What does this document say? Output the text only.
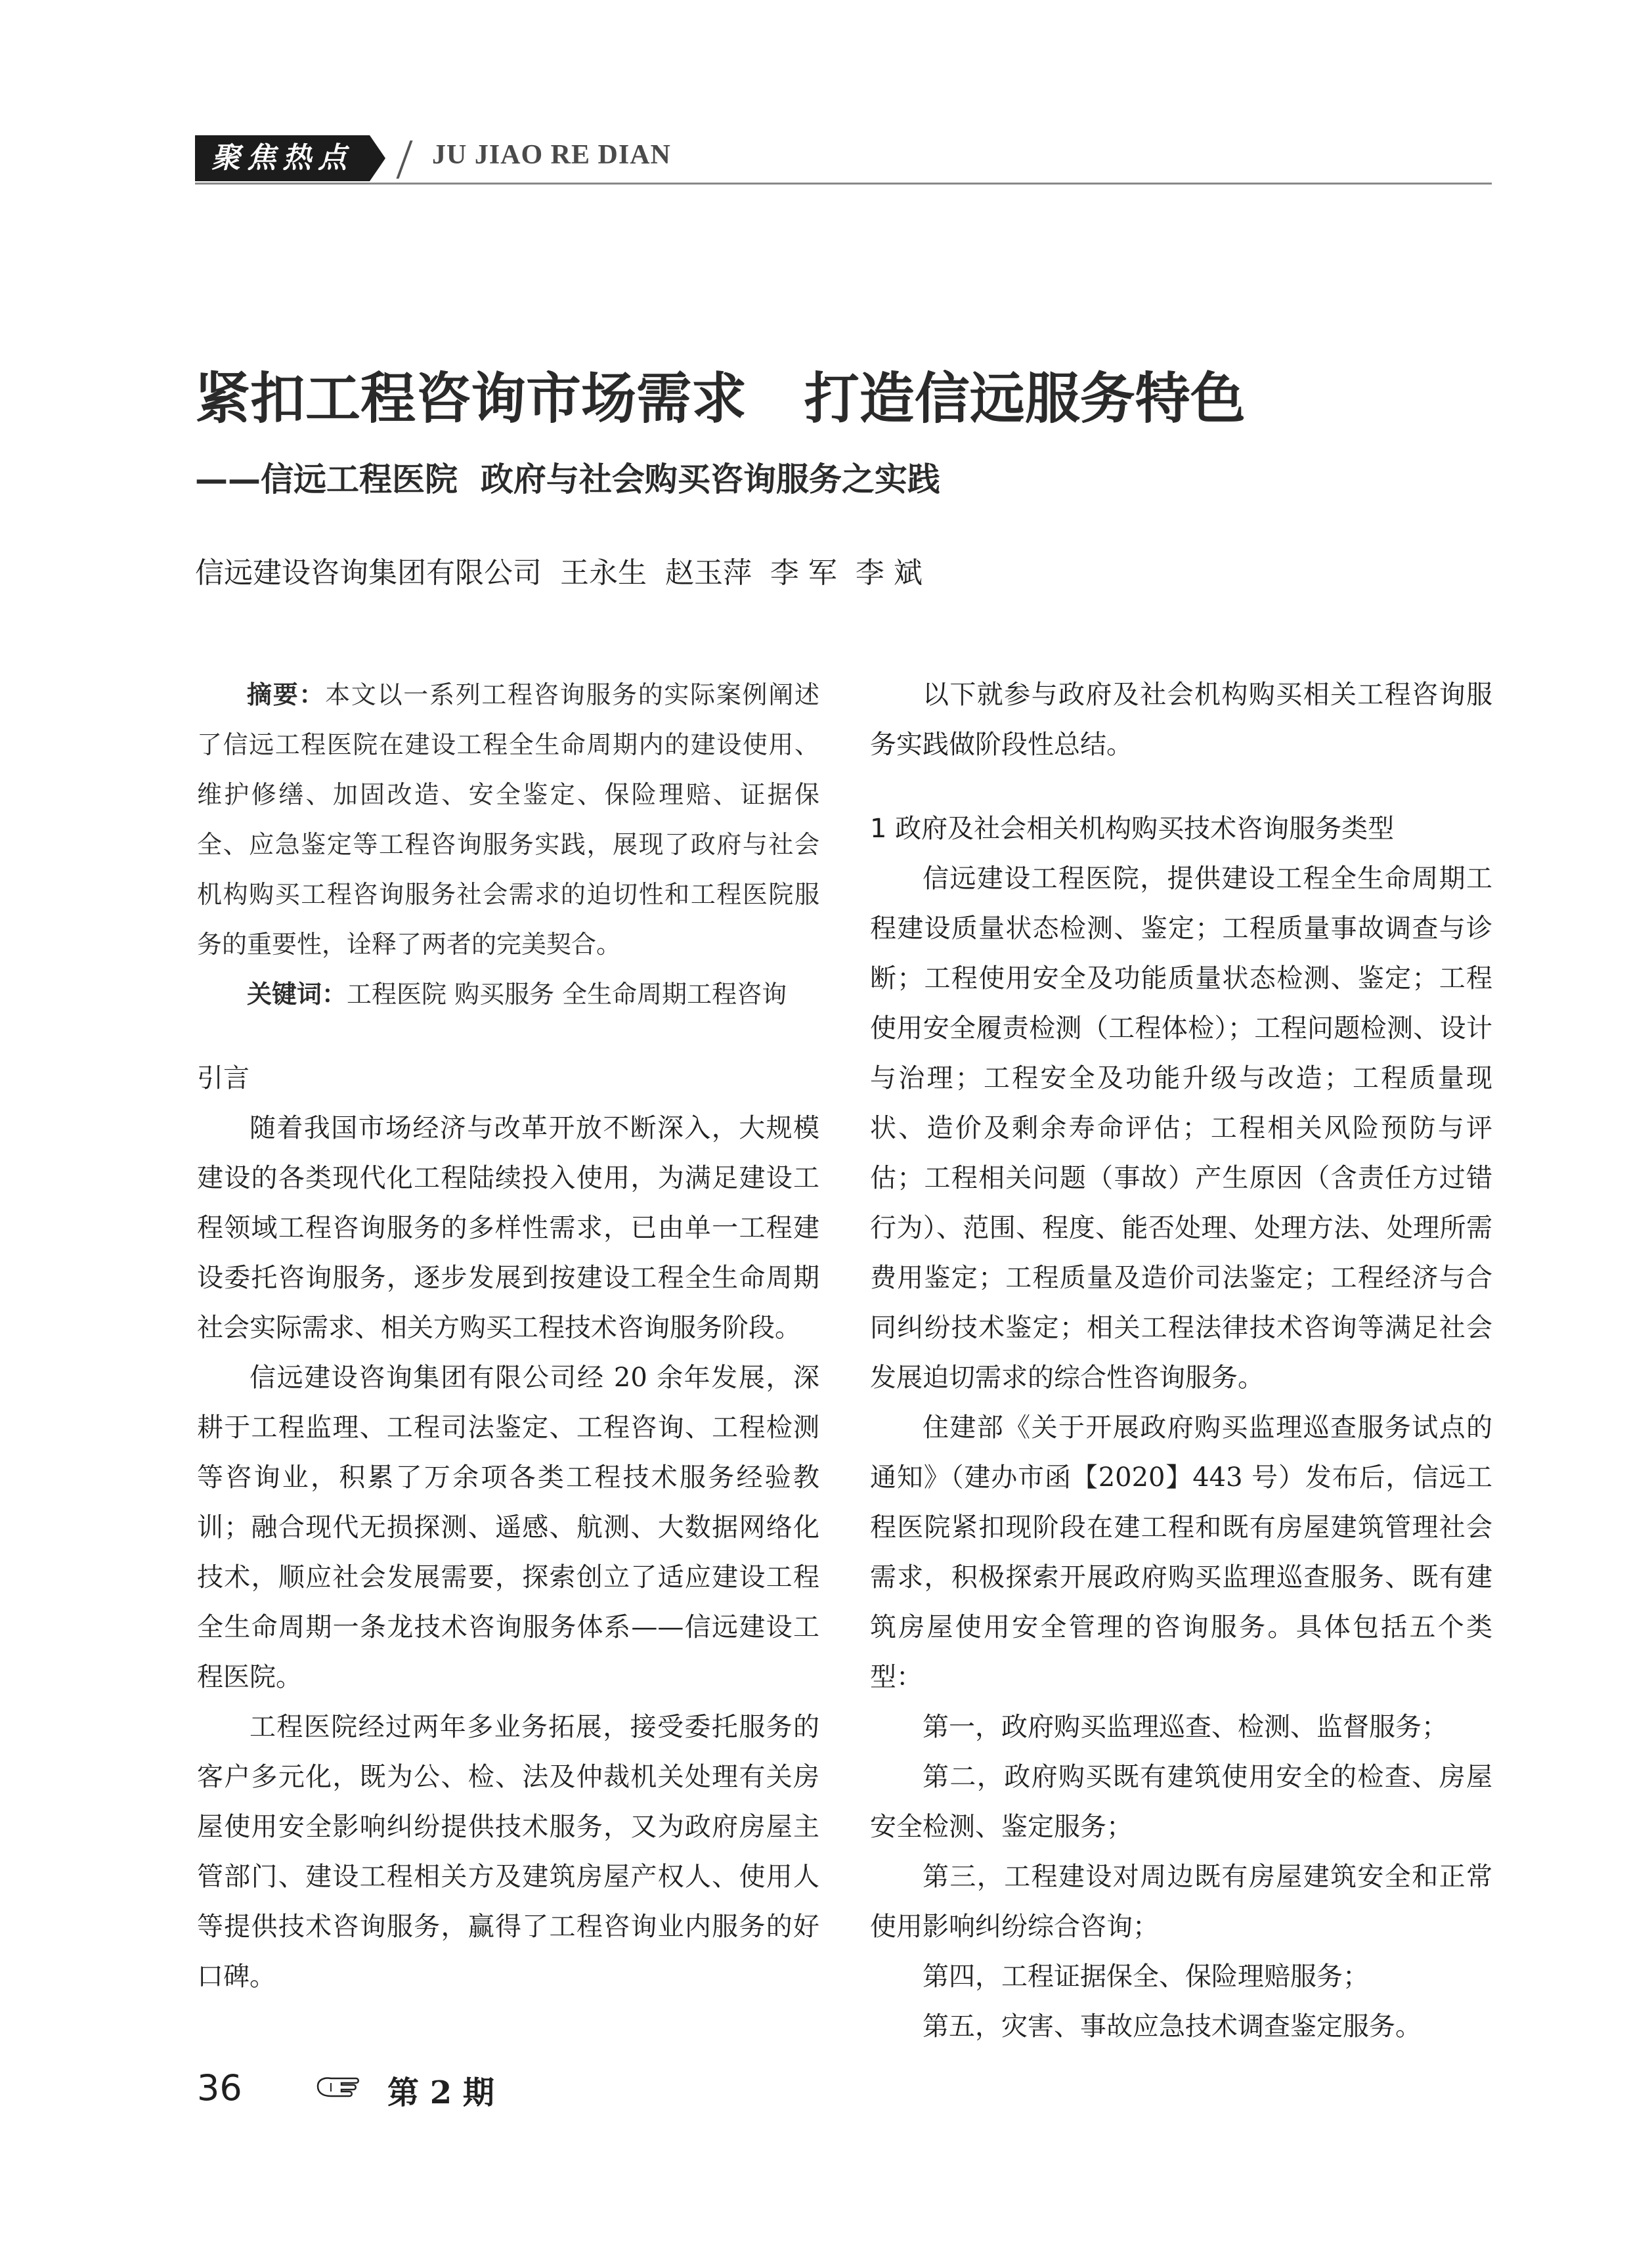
聚焦热点	JU JIAO RE DIAN
紧扣工程咨询市场需求   打造信远服务特色
——信远工程医院  政府与社会购买咨询服务之实践
信远建设咨询集团有限公司  王永生  赵玉萍  李 军  李 斌

摘要：本文以一系列工程咨询服务的实际案例阐述了信远工程医院在建设工程全生命周期内的建设使用、维护修缮、加固改造、安全鉴定、保险理赔、证据保全、应急鉴定等工程咨询服务实践，展现了政府与社会机构购买工程咨询服务社会需求的迫切性和工程医院服务的重要性，诠释了两者的完美契合。

关键词：工程医院 购买服务 全生命周期工程咨询

引言

随着我国市场经济与改革开放不断深入，大规模建设的各类现代化工程陆续投入使用，为满足建设工程领域工程咨询服务的多样性需求，已由单一工程建设委托咨询服务，逐步发展到按建设工程全生命周期社会实际需求、相关方购买工程技术咨询服务阶段。

信远建设咨询集团有限公司经 20 余年发展，深耕于工程监理、工程司法鉴定、工程咨询、工程检测等咨询业，积累了万余项各类工程技术服务经验教训；融合现代无损探测、遥感、航测、大数据网络化技术，顺应社会发展需要，探索创立了适应建设工程全生命周期一条龙技术咨询服务体系——信远建设工程医院。

工程医院经过两年多业务拓展，接受委托服务的客户多元化，既为公、检、法及仲裁机关处理有关房屋使用安全影响纠纷提供技术服务，又为政府房屋主管部门、建设工程相关方及建筑房屋产权人、使用人等提供技术咨询服务，赢得了工程咨询业内服务的好口碑。

以下就参与政府及社会机构购买相关工程咨询服务实践做阶段性总结。

1 政府及社会相关机构购买技术咨询服务类型

信远建设工程医院，提供建设工程全生命周期工程建设质量状态检测、鉴定；工程质量事故调查与诊断；工程使用安全及功能质量状态检测、鉴定；工程使用安全履责检测（工程体检）；工程问题检测、设计与治理；工程安全及功能升级与改造；工程质量现状、造价及剩余寿命评估；工程相关风险预防与评估；工程相关问题（事故）产生原因（含责任方过错行为）、范围、程度、能否处理、处理方法、处理所需费用鉴定；工程质量及造价司法鉴定；工程经济与合同纠纷技术鉴定；相关工程法律技术咨询等满足社会发展迫切需求的综合性咨询服务。

住建部《关于开展政府购买监理巡查服务试点的通知》（建办市函【2020】443 号）发布后，信远工程医院紧扣现阶段在建工程和既有房屋建筑管理社会需求，积极探索开展政府购买监理巡查服务、既有建筑房屋使用安全管理的咨询服务。具体包括五个类型：

第一，政府购买监理巡查、检测、监督服务；

第二，政府购买既有建筑使用安全的检查、房屋安全检测、鉴定服务；

第三，工程建设对周边既有房屋建筑安全和正常使用影响纠纷综合咨询；

第四，工程证据保全、保险理赔服务；

第五，灾害、事故应急技术调查鉴定服务。

36	第 2 期
